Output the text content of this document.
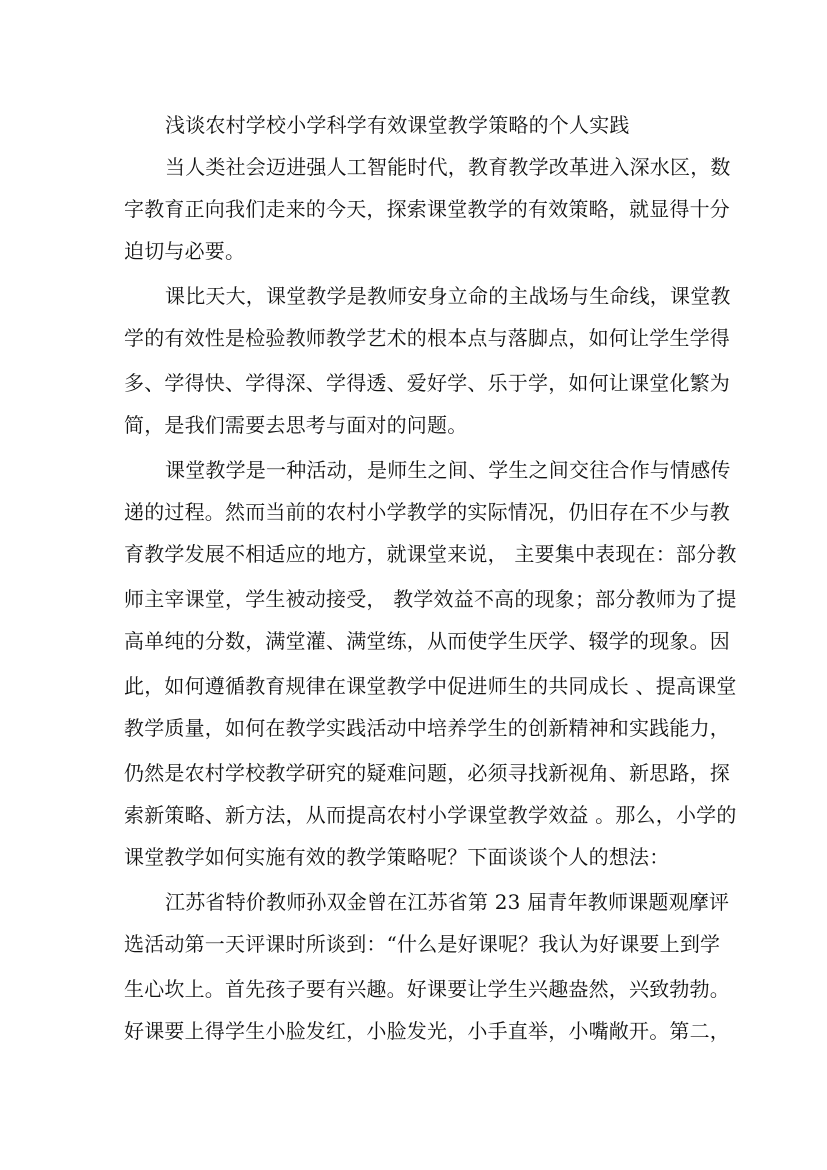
浅谈农村学校小学科学有效课堂教学策略的个人实践
当人类社会迈进强人工智能时代，教育教学改革进入深水区，数
字教育正向我们走来的今天，探索课堂教学的有效策略，就显得十分
迫切与必要。
课比天大，课堂教学是教师安身立命的主战场与生命线，课堂教
学的有效性是检验教师教学艺术的根本点与落脚点，如何让学生学得
多、学得快、学得深、学得透、爱好学、乐于学，如何让课堂化繁为
简，是我们需要去思考与面对的问题。
课堂教学是一种活动，是师生之间、学生之间交往合作与情感传
递的过程。然而当前的农村小学教学的实际情况，仍旧存在不少与教
育教学发展不相适应的地方，就课堂来说， 主要集中表现在：部分教
师主宰课堂，学生被动接受， 教学效益不高的现象；部分教师为了提
高单纯的分数，满堂灌、满堂练，从而使学生厌学、辍学的现象。因
此，如何遵循教育规律在课堂教学中促进师生的共同成长 、提高课堂
教学质量，如何在教学实践活动中培养学生的创新精神和实践能力，
仍然是农村学校教学研究的疑难问题，必须寻找新视角、新思路，探
索新策略、新方法，从而提高农村小学课堂教学效益 。那么，小学的
课堂教学如何实施有效的教学策略呢？下面谈谈个人的想法：
江苏省特价教师孙双金曾在江苏省第 23 届青年教师课题观摩评
选活动第一天评课时所谈到：“什么是好课呢？我认为好课要上到学
生心坎上。首先孩子要有兴趣。好课要让学生兴趣盎然，兴致勃勃。
好课要上得学生小脸发红，小脸发光，小手直举，小嘴敞开。第二，
